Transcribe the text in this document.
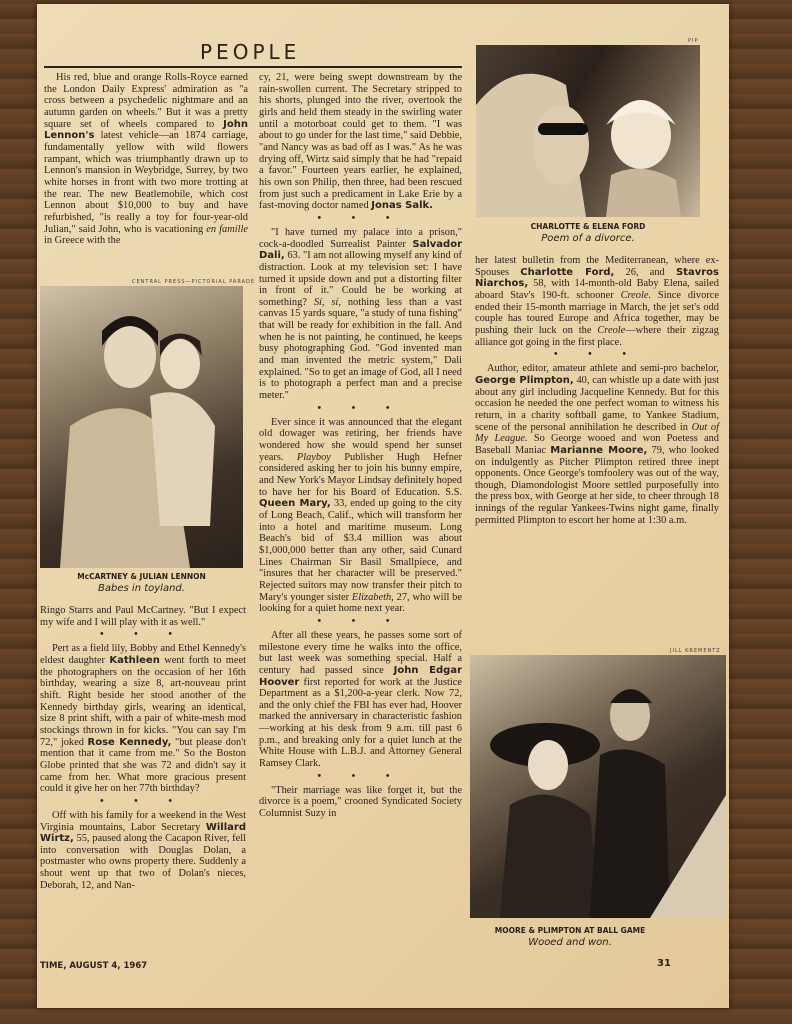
PEOPLE

His red, blue and orange Rolls-Royce earned the London Daily Express' admiration as "a cross between a psychedelic nightmare and an autumn garden on wheels." But it was a pretty square set of wheels compared to John Lennon's latest vehicle—an 1874 carriage, fundamentally yellow with wild flowers rampant, which was triumphantly drawn up to Lennon's mansion in Weybridge, Surrey, by two white horses in front with two more trotting at the rear. The new Beatlemobile, which cost Lennon about $10,000 to buy and have refurbished, "is really a toy for four-year-old Julian," said John, who is vacationing en famille in Greece with the

CENTRAL PRESS—PICTORIAL PARADE
McCARTNEY & JULIAN LENNON
Babes in toyland.

Ringo Starrs and Paul McCartney. "But I expect my wife and I will play with it as well."

• • •

Pert as a field lily, Bobby and Ethel Kennedy's eldest daughter Kathleen went forth to meet the photographers on the occasion of her 16th birthday, wearing a size 8, art-nouveau print shift. Right beside her stood another of the Kennedy birthday girls, wearing an identical, size 8 print shift, with a pair of white-mesh mod stockings thrown in for kicks. "You can say I'm 72," joked Rose Kennedy, "but please don't mention that it came from me." So the Boston Globe printed that she was 72 and didn't say it came from her. What more gracious present could it give her on her 77th birthday?

• • •

Off with his family for a weekend in the West Virginia mountains, Labor Secretary Willard Wirtz, 55, paused along the Cacapon River, fell into conversation with Douglas Dolan, a postmaster who owns property there. Suddenly a shout went up that two of Dolan's nieces, Deborah, 12, and Nan-

cy, 21, were being swept downstream by the rain-swollen current. The Secretary stripped to his shorts, plunged into the river, overtook the girls and held them steady in the swirling water until a motorboat could get to them. "I was about to go under for the last time," said Debbie, "and Nancy was as bad off as I was." As he was drying off, Wirtz said simply that he had "repaid a favor." Fourteen years earlier, he explained, his own son Philip, then three, had been rescued from just such a predicament in Lake Erie by a fast-moving doctor named Jonas Salk.

• • •

"I have turned my palace into a prison," cock-a-doodled Surrealist Painter Salvador Dali, 63. "I am not allowing myself any kind of distraction. Look at my television set: I have turned it upside down and put a distorting filter in front of it." Could he be working at something? Sí, sí, nothing less than a vast canvas 15 yards square, "a study of tuna fishing" that will be ready for exhibition in the fall. And when he is not painting, he continued, he keeps busy photographing God. "God invented man and man invented the metric system," Dali explained. "So to get an image of God, all I need is to photograph a perfect man and a precise meter."

• • •

Ever since it was announced that the elegant old dowager was retiring, her friends have wondered how she would spend her sunset years. Playboy Publisher Hugh Hefner considered asking her to join his bunny empire, and New York's Mayor Lindsay definitely hoped to have her for his Board of Education. S.S. Queen Mary, 33, ended up going to the city of Long Beach, Calif., which will transform her into a hotel and maritime museum. Long Beach's bid of $3.4 million was about $1,000,000 better than any other, said Cunard Lines Chairman Sir Basil Smallpiece, and "insures that her character will be preserved." Rejected suitors may now transfer their pitch to Mary's younger sister Elizabeth, 27, who will be looking for a quiet home next year.

• • •

After all these years, he passes some sort of milestone every time he walks into the office, but last week was something special. Half a century had passed since John Edgar Hoover first reported for work at the Justice Department as a $1,200-a-year clerk. Now 72, and the only chief the FBI has ever had, Hoover marked the anniversary in characteristic fashion—working at his desk from 9 a.m. till past 6 p.m., and breaking only for a quiet lunch at the White House with L.B.J. and Attorney General Ramsey Clark.

• • •

"Their marriage was like forget it, but the divorce is a poem," crooned Syndicated Society Columnist Suzy in

PIP
CHARLOTTE & ELENA FORD
Poem of a divorce.

her latest bulletin from the Mediterranean, where ex-Spouses Charlotte Ford, 26, and Stavros Niarchos, 58, with 14-month-old Baby Elena, sailed aboard Stav's 190-ft. schooner Creole. Since divorce ended their 15-month marriage in March, the jet set's odd couple has toured Europe and Africa together, may be pushing their luck on the Creole—where their zigzag alliance got going in the first place.

• • •

Author, editor, amateur athlete and semi-pro bachelor, George Plimpton, 40, can whistle up a date with just about any girl including Jacqueline Kennedy. But for this occasion he needed the one perfect woman to witness his return, in a charity softball game, to Yankee Stadium, scene of the personal annihilation he described in Out of My League. So George wooed and won Poetess and Baseball Maniac Marianne Moore, 79, who looked on indulgently as Pitcher Plimpton retired three inept opponents. Once George's tomfoolery was out of the way, though, Diamondologist Moore settled purposefully into the press box, with George at her side, to cheer through 18 innings of the regular Yankees-Twins night game, finally permitted Plimpton to escort her home at 1:30 a.m.

JILL KREMENTZ
MOORE & PLIMPTON AT BALL GAME
Wooed and won.
TIME, AUGUST 4, 1967	31
